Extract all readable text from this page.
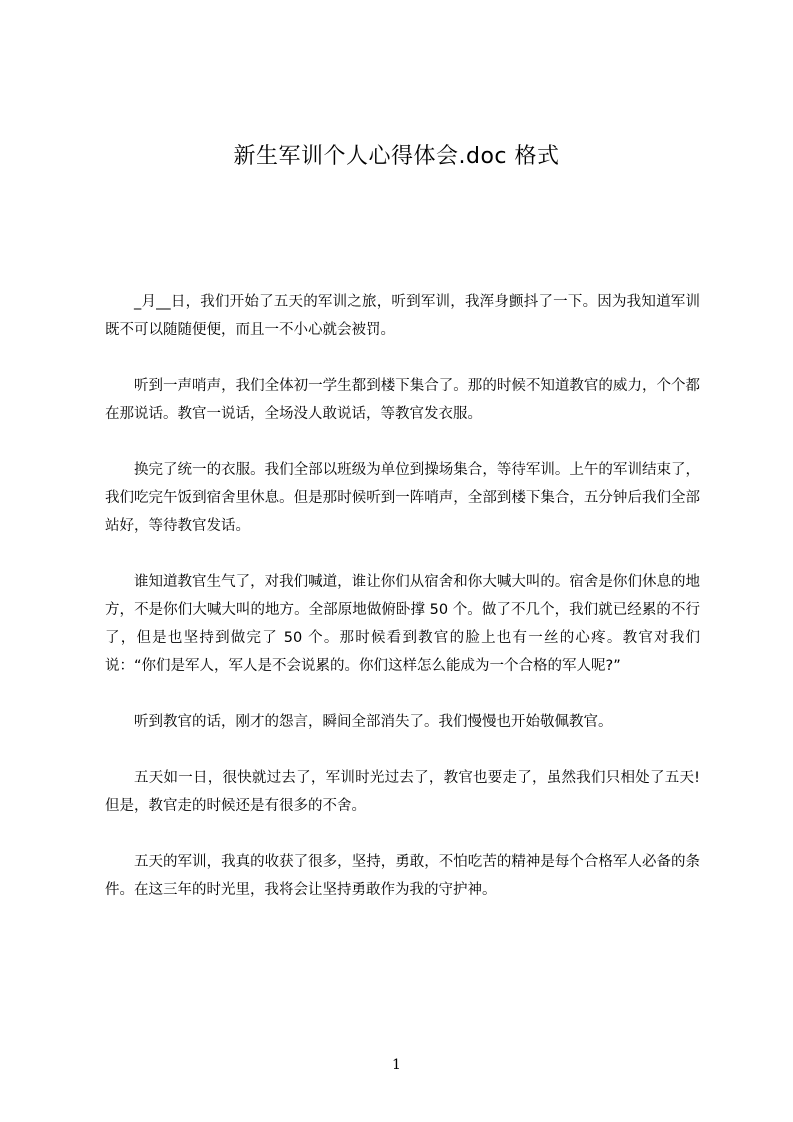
新生军训个人心得体会.doc 格式

_月__日，我们开始了五天的军训之旅，听到军训，我浑身颤抖了一下。因为我知道军训既不可以随随便便，而且一不小心就会被罚。

听到一声哨声，我们全体初一学生都到楼下集合了。那的时候不知道教官的威力，个个都在那说话。教官一说话，全场没人敢说话，等教官发衣服。

换完了统一的衣服。我们全部以班级为单位到操场集合，等待军训。上午的军训结束了，我们吃完午饭到宿舍里休息。但是那时候听到一阵哨声，全部到楼下集合，五分钟后我们全部站好，等待教官发话。

谁知道教官生气了，对我们喊道，谁让你们从宿舍和你大喊大叫的。宿舍是你们休息的地方，不是你们大喊大叫的地方。全部原地做俯卧撑 50 个。做了不几个，我们就已经累的不行了，但是也坚持到做完了 50 个。那时候看到教官的脸上也有一丝的心疼。教官对我们说：“你们是军人，军人是不会说累的。你们这样怎么能成为一个合格的军人呢?”

听到教官的话，刚才的怨言，瞬间全部消失了。我们慢慢也开始敬佩教官。

五天如一日，很快就过去了，军训时光过去了，教官也要走了，虽然我们只相处了五天!但是，教官走的时候还是有很多的不舍。

五天的军训，我真的收获了很多，坚持，勇敢，不怕吃苦的精神是每个合格军人必备的条件。在这三年的时光里，我将会让坚持勇敢作为我的守护神。

1
